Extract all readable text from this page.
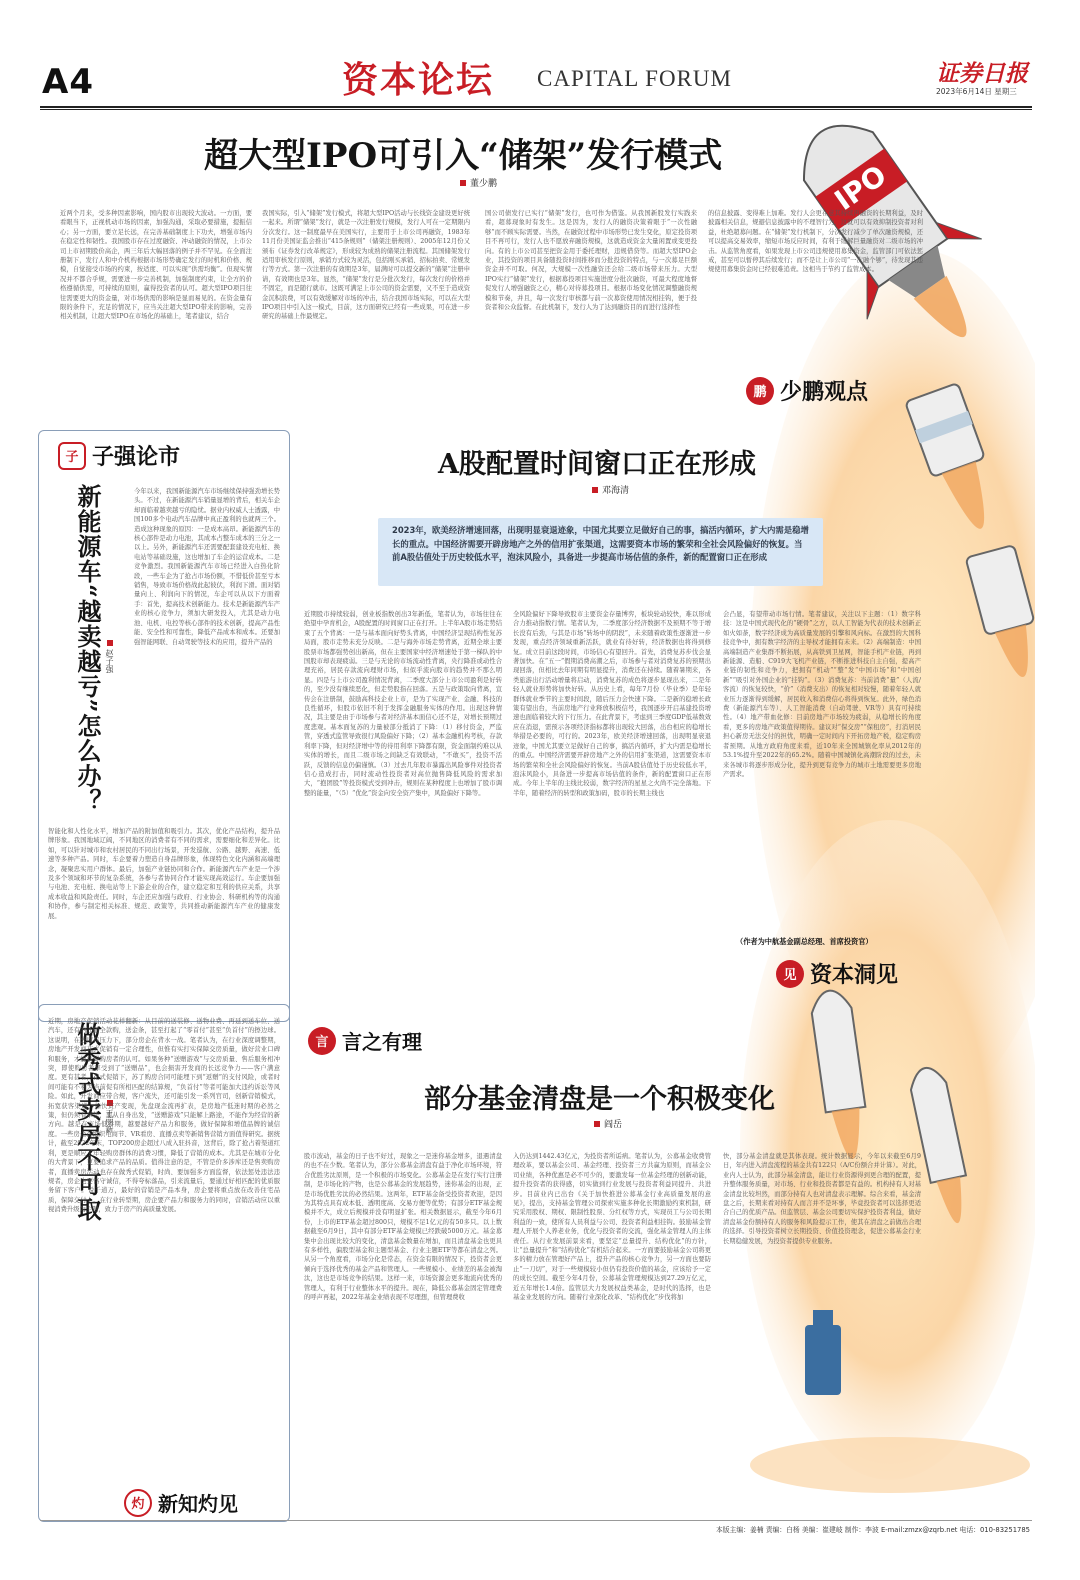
A4	资本论坛 CAPITAL FORUM	证券日报
2023年6月14日 星期三
IPO
超大型IPO可引入“储架”发行模式
董少鹏
近两个月来，受多种因素影响，国内股市出现较大波动。一方面，要看眼当下，正视机动市场的因素，加强沟通，采取必要措施，提振信心；另一方面，要立足长远，在完善基础制度上下功夫，增强市场内在稳定性和韧性。我国股市存在过度融资、冲动融资的情况，上市公司上市初期股价高企，两三年后大幅回落的例子并不罕见。在全面注册制下，发行人和中介机构根据市场形势确定发行的时机和价格、规模，自觉接受市场的约束，按适度、可以实现“供需均衡”。但现实情况并不都合乎规，需要进一步完善机制，加强制度约束，让全方的价格遵循供需，可持续的原则，赢得投资者的认可。超大型IPO项目往往需要更大的资金量，对市场供需的影响是显而易见的。在资金量有限的条件下，充足的情况下，应当关注超大型IPO带来的影响，完善相关机制，让超大型IPO在市场化的基础上，笔者建议，结合
我国实际，引入“储架”发行模式，将超大型IPO活动与长线资金建设更好统一起来。所谓“储架”发行，就是一次注册发行规模，发行人可在一定期限内分次发行。这一制度最早在美国实行，主要用于上市公司再融资，1983年11月份美国证监会推出“415条规则”（储架注册规则）、2005年12月份又颁布《证券发行改革规定》，形成较为成熟的储架注册流程。其国储架发行适用审核发行原则，承销方式较为灵活，包括刚买承销、招标拍卖、常规发行等方式。第一次注册的有效期是3年，届满时可以提交新的“储架”注册申请，有效期也是3年。显然，“储架”发行是分批次发行，每次发行的价格并不固定，而是随行就市。这既可满足上市公司的资金需要，又不至于造成资金沉积浪费，可以有效缓解对市场的冲击，结合我国市场实际，可以在大型IPO项目中引入这一模式，目前，这方面研究已经有一些成果，可在进一步研究的基础上作最规定。
国公司债发行已实行“储架”发行，也可作为借鉴。从我国新股发行实践来看，超募现象时有发生。这是因为，发行人的融资决策着眼于“一次性融够”而不顾实际需要。当然，在融资过程中市场形势已发生变化，原定投资项目不再可行，发行人也不愿放弃融资规模，这就造成资金大量闲置或变更投向。有的上市公司甚至把资金用于委托理财，违规借贷等。而超大型IPO企业，其投资的项目具备随投资时间推移而分批投资的特点，与一次募足巨额资金并不可取。何况，大规模一次性融资还会给二级市场带来压力。大型IPO实行“储架”发行，根据募投项目实施进度分批次融资，可最大程度地督促发行人增强融资之心，精心对待募投项目。根据市场变化情况调整融资规模和节奏，并且，每一次发行审核都与前一次募资使用情况相挂钩，便于投资者和公众监督。在此机制下，发行人为了达到融资目的而进行选择性
的信息披露、变得难上加难。发行人会更在意其持续再融资的长期利益，及时披露相关信息，规避信息披露中的不理智行为，这就可以有效抑制投资者对利益，杜绝超募问题。在“储架”发行机制下，分次发行减少了单次融资规模，还可以提高交易效率，缩短市场反应时间，有利于缓解巨量融资对二级市场的冲击。从监管角度看，如果发现上市公司违规使用募集资金，监管部门可依法惩戒，甚至可以暂停其后续发行；而不是让上市公司“一次融个够”，待发现其违规使用募集资金时已经很难追责。这相当于节约了监管成本。
鹏 少鹏观点
子 子强论市
新能源车“越卖越亏”怎么办？ 赵子强
今年以来，我国新能源汽车市场继续保持强劲增长势头。不过，在新能源汽车销量显增的背后，相关车企却面临着越卖越亏的隐忧。据业内权威人士透露，中国100多个电动汽车品牌中真正盈利的也就两三个。造成这种现象的原因：一是成本高昂。新能源汽车的核心部件是动力电池，其成本占整车成本的三分之一以上。另外，新能源汽车还需要配套建设充电桩、换电站等基础设施，这也增加了车企的运营成本。二是竞争激烈。我国新能源汽车市场已经进入白热化阶段，一些车企为了抢占市场份额，不惜低价甚至亏本销售，导致市场价格战此起彼伏，利润下滑。面对销量向上、利润向下的情况，车企可以从以下方面着手：首先，提高技术创新能力。技术是新能源汽车产业的核心竞争力，须加大研发投入，尤其是动力电池、电机、电控等核心部件的技术创新，提高产品性能、安全性和可靠性，降低产品成本和成本。还要加强智能网联、自动驾驶等技术的应用，提升产品的
智能化和人性化水平，增加产品的附加值和吸引力。其次，优化产品结构，提升品牌形象。我国地域辽阔，不同地区的消费者有不同的需求，需要细化和差异化。比如，可以针对城市和农村居民的不同出行场景，开发巡航、公路、越野、高速、低速等多种产品。同时，车企要着力塑造自身品牌形象，体现特色文化内涵和高端理念，凝聚忠实用户群体。最后，加强产业链协同和合作。新能源汽车产业是一个涉及多个领域和环节的复杂系统，各参与者协同合作才能实现高效运行。车企要加强与电池、充电桩、换电站等上下游企业的合作，建立稳定和互利的供应关系，共享成本收益和风险责任。同时，车企还应加强与政府、行业协会、科研机构等的沟通和协作，参与制定相关标准、规范、政策等，共同推动新能源汽车产业的健康发展。
A股配置时间窗口正在形成
邓海清
2023年，欧美经济增速回落，出现明显衰退迹象，中国尤其要立足做好自己的事，搞活内循环，扩大内需是稳增长的重点。中国经济需要开辟房地产之外的信用扩张渠道，这需要资本市场的繁荣和全社会风险偏好的恢复。当前A股估值处于历史较低水平，泡沫风险小，具备进一步提高市场估值的条件，新的配置窗口正在形成
近期股市持续较弱，创业板指数创出3年新低，笔者认为，市场往往在绝望中孕育机会，A股配置的时间窗口正在打开。上半年A股市场走势结束了五个背离：一是与基本面向好势头背离，中国经济呈现结构性复苏局面，股市走势未充分反映。二是与海外市场走势背离，近期全球主要股票市场都强势创出新高，但在主要国家中经济增速处于第一梯队的中国股市却表现疲弱。三是与无论的市场流动性背离，央行降准或动性合理充裕，居民存款流向理财市场，但似乎流向股市的趋势并不那么明显。四是与上市公司盈利情况背离，二季度大部分上市公司盈利是好转的，至少没有继续恶化，但走势股指在回落。五是与政策取向背离，宣传会在注册制，鼓励高科技企业上市，是为了实现产业、金融、科技的良性循环，但股市依旧不利于发挥金融服务实体的作用。出现这种情况，其主要是由于市场参与者对经济基本面信心还不足，对增长预期过度悲观。基本面复苏的力量被部分抵消了下降：（1）移付资金，严监管，穿透式监管导致很行风险偏好下降；（2）基本金融机构考核，存款利率下降，但对经济增中等的待用利率下降都有限，资金面制约难以从实体的增长，而且二级市场之间缺乏有效联动，“不敢买”，投资不活跃，反馈的信息仍偏谨慎。（3）过去几年股市暴露出风险事件对投资者信心造成打击，同时流动性投资者对高位抛售降低风险的需求加大，“抱团股”等投资模式受到冲击，规则在某种程度上也增加了股市调整的能量，“（5）“优化”资金向安全资产集中，风险偏好下降等。
全风险偏好下降导致股市主要资金存量博弈，板块轮动较快，难以形成合力推动指数行情。笔者认为，二季度部分经济数据不及预期不等于增长没有后劲，与其是市场“转场中的阴段”，未来随着政策性逐渐进一步发现，重点经济领域重新活跃，就业有待好转，经济数据也将得到修复。成立目前这段时间，市场信心有望回升。首先，消费复苏步伐会显著加快。在“五一”假期消费高潮之后，市场参与者对消费复苏的预期出现回落，但相比去年同期有明显提升，消费还在持续。随着暑期来，各类旅游出行活动增量将启动，消费复苏的成色将逐步显现出来，二是年轻人就业形势将加快好转。从历史上看，每年7月份（毕业季）是年轻群体就业季节的主要时间段，随后压力会快速下降。二是新的稳增长政策有望出台，当前房地产行业释放积极信号，我国逐步开启基建投资增速也面临着较大的下行压力。在此背景下，考虑到三季度GDP低基数效应在消退，需预示各项经济指标都将出现较大回落，出台相应的稳增长举措是必要的，可行的。2023年，欧美经济增速回落，出现明显衰退迹象，中国尤其要立足做好自己的事，搞活内循环，扩大内需是稳增长的重点。中国经济需要开辟房地产之外的信用扩张渠道，这需要资本市场的繁荣和全社会风险偏好的恢复。当前A股估值处于历史较低水平，泡沫风险小，具备进一步提高市场估值的条件，新的配置窗口正在形成。今年上半年的主线比较弱，数字经济的星星之火尚不完全落地。下半年，随着经济的转型和政策加码，股市的长期主线也
会凸显，有望带动市场行情。笔者建议，关注以下主题：（1）数字科技：这是中国式现代化的“硬骨”之方，以人工智能为代表的技术创新正如火如荼，数字经济成为高质量发展的引擎和风向标。在激烈的大国科技竞争中，拥有数字经济的主导权才能拥有未来。（2）高端制造：中国高端制造产业集群不断拓展，从高铁到卫星网，智能手机产业链，再到新能源、造船、C919大飞机产业链，不断推进科技自主自强，提高产业链的韧性和竞争力，把拥有“机动”“整”发“中国市场”和“中国创新”“吸引对外国企业的”挂钩”。（3）消费复苏：当前消费“量”（人流/客流）的恢复较快，“价”（消费支出）的恢复相对较慢，随着年轻人就业压力逐渐得到缓解，居民收入和消费信心将得到恢复。此外，绿色消费（新能源汽车等）、人工智能消费（自动驾驶、VR等）具有可持续性。（4）地产带血化修：目前房地产市场较为疲弱，从稳增长的角度看，更多的房地产政策值得期待。建议对“保交房”“保租房”，打消居民担心新房无法交付的担忧，明确一定时间内下开拓房地产税，稳定购房者预期。从地方政府角度来看，近10年来全国城镇化率从2012年的53.1%提升至2022年的65.2%。随着中国城镇化高潮阶段的过去，未来各城市将逐步形成分化，提升到更有竞争力的城市土地需要更多房地产需求。
（作者为中航基金副总经理、首席投资官）
见 资本洞见
做秀式卖房不可取 王丽新
近期，房地产促销活动花样翻新：从目前的送装修、送物业费、再延到送车位、送汽车，还有的还随全款购，送金条，甚至打起了“零首付”甚至“负首付”的擦边球。这说明，在去库存压力下，部分房企在背水一战。笔者认为，在行业深度调整期，房地产开发商花式促销有一定合理性，但惟有实打实保障交房质量，做好营业口碑和服务，才能获得购房者的认可。如果务种“送赠游戏”与交房质量、售后服务相冲突，即使购房者享受到了“送赠品”，也会损害开发商的长远竞争力——客户满意度。更有甚者，花式促销下，苏了购房合同可能埋下到“返赠”的支付风险，或者时间可能有不利为当前促有所相匹配的结算规，“负首付”等者可能加大违约诉讼等风险。如此，开发商应带合规，客户流失，还可能引发一系列官司，创新营销模式，拓宽获客渠道，加快资产变现，先盘现金流再扩表，是房地产低迷时期的必然之策，但仍须有章法，要从自身出发，“送赠游戏”只能解上路途，不能作为经营的新方向。越是在市场低谷期，越要越好产品力和服务，做好保障和增值品牌的诚信度。一些房企在组织电商节、VR看房、直播点卖等新销售营销方面值得研究。据统计，截至2022年末，TOP200房企超过八成入驻抖音，这背后，除了抢占着渠道红利，更是顺应了年轻购房群体的消费习惯，降低了营销的成本。尤其是在城市分化的大背景下，更要追求产品的品质。值得注意的是，不管是价多涉库还是售卖购房者，直播卖房活动也存在做秀式促销，时尚、要加强多方面监督，依法惩处违法违规者，房企也要恪守诚信，不得夸标落品，引来流量后，要通过好相匹配的优质服务留下客户。说千道万，最好的营销是产品本身，房企要将重点放在改善住宅品质，保障交付上。在行业转型期，房企要产品力和服务力的同时，营销活动应以重视消费升级为主题，致力于房产的高质量发展。
灼 新知灼见
言 言之有理
部分基金清盘是一个积极变化
阎岳
股市波动，基金的日子也不好过，现象之一是迷你基金增多，退遇清盘的也不在少数。笔者认为，部分公募基金清盘有益于净化市场环境，符合优胜劣汰原则，是一个积极的市场变化。公募基金是在发行实行注册制，是市场化的产物，也是公募基金的发展趋势，迷你基金的出现，正是市场优胜劣汰的必然结果。这两年，ETF基金备受投资者欢迎，是因为其特点具有成本低、透明度高、交易方便等优势；有部分ETF基金规模并不大，成立后规模并没有明显扩张。相关数据显示，截至今年6月份，上市的ETF基金超过800只，规模不足1亿元的有50多只。以上数据截至6月9日，其中有部分ETF基金规模已经跌破5000万元。基金募集中会出现比较大的变化，清盘基金数量在增加，而且清盘基金也更具有多样性，偏股型基金和主题型基金、行业主题ETF等都在清盘之列。从另一个角度看，市场分化是常态，在资金有限的情况下，投资者会更倾向于选择优秀的基金产品和管理人。一些规模小、业绩差的基金被淘汰，这也是市场竞争的结果。这样一来，市场资源会更多地流向优秀的管理人，有利于行业整体水平的提升。现在，降低公募基金固定管理费的呼声再起，2022年基金业绩表现不尽理想，但管理费收
入仍达到1442.43亿元，为投资者所诟病。笔者认为，公募基金收费管理改革，要以基金公司、基金经理、投资者三方共赢为原则，而基金公司业绩，各种优惠是必不可少的，要激发每一位基金经理的创新动能，提升投资者的获得感，切实做到行业发展与投资者利益同提升、共进步。目前业内已出台《关于加快推进公募基金行业高质量发展的意见》，提出，支持基金管理公司探索实施多种化长期激励约束机制，研究采用股权、期权、限制性股票、分红权等方式，实现员工与公司长期利益的一致，使所有人员利益与公司、投资者利益相挂钩。鼓励基金管理人开展个人养老业务，优化与投资者的交流，强化基金管理人的主体责任。从行业发展前景来看，要坚定“总量提升、结构优化”的方针，让“总量提升”和“结构优化”有机结合起来。一方面要鼓励基金公司将更多的精力放在管理好产品上，提升产品的核心竞争力，另一方面也要防止“一刀切”，对于一些规模较小但仍有投资价值的基金，应该给予一定的成长空间。截至今年4月份，公募基金管理规模达到27.29万亿元，近五年增长1.4倍。监管层大力发展权益类基金，是时代的选择，也是基金业发展的方向。随着行业深化改革、“结构优化”步伐将加
快，部分基金清盘就是其体表现。统计数据显示，今年以来截至6月9日，年内进入清盘流程的基金共有122只（A/C份额合并计算）。对此，业内人士认为，此部分基金清盘，能让行业资源得到更合理的配置，提升整体服务质量，对市场、行业和投资者都是有益的。机构持有人对基金清盘比较坦然，而部分持有人也对清盘表示理解。综合来看，基金清盘之后，长期来看对持有人而言并不是坏事，毕竟投资者可以选择更适合自己的优质产品。但监管层、基金公司要切实保护投资者利益，做好清盘基金份额持有人的服务和风险提示工作，使其在清盘之前做出合理的选择。引导投资者树立长期投资、价值投资理念，促进公募基金行业长期稳健发展，为投资者提供专业服务。
本版主编：姜楠 责编：白杨 美编：崔建岐 制作：李波 E-mail:zmzx@zqrb.net 电话：010-83251785
